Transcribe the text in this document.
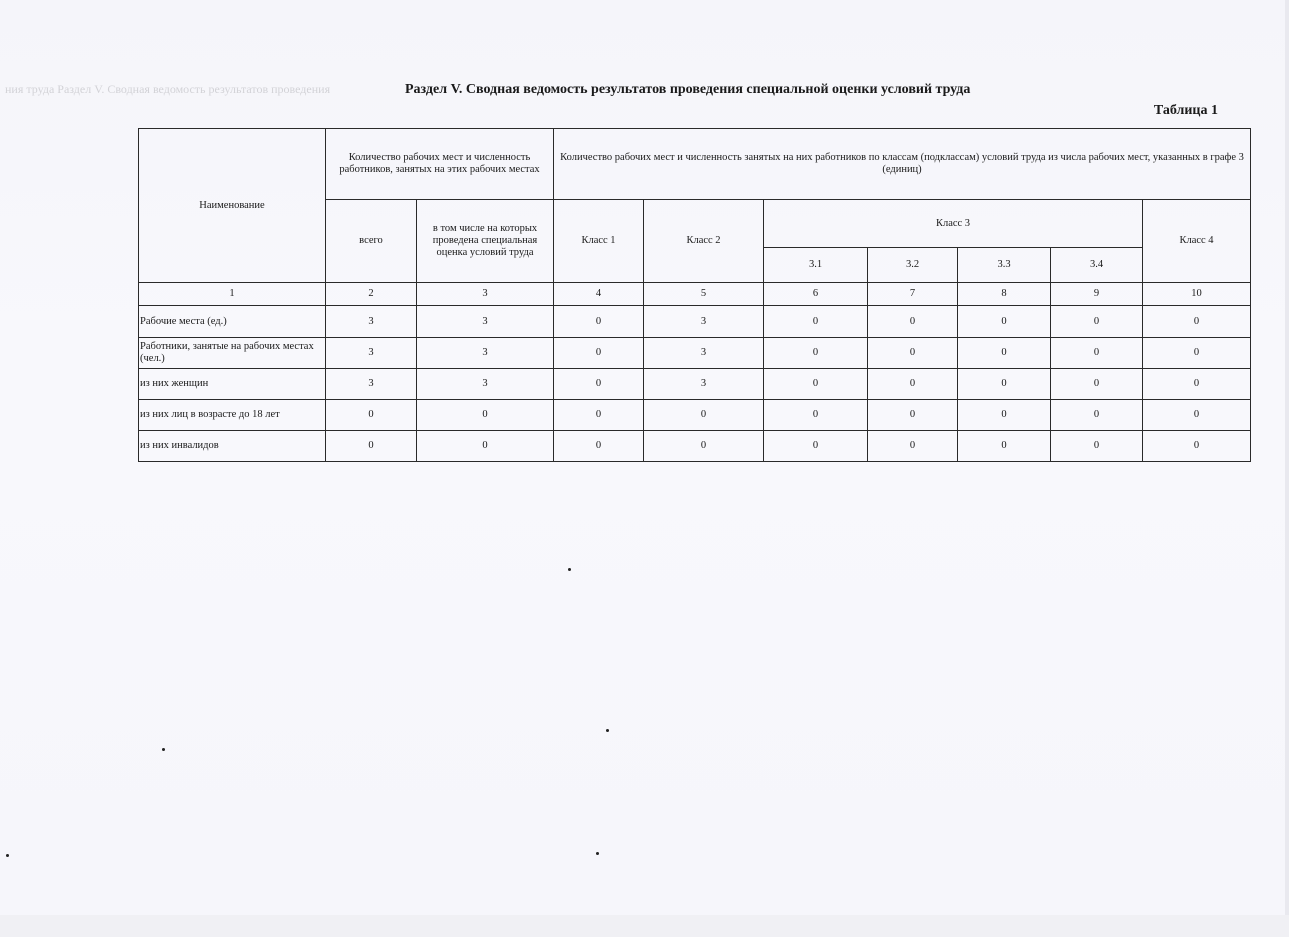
ния труда Раздел V. Сводная ведомость результатов проведения	Раздел V. Сводная ведомость результатов проведения специальной оценки условий труда
Таблица 1
Наименование	Количество рабочих мест и численность работников, занятых на этих рабочих местах		Количество рабочих мест и численность занятых на них работников по классам (подклассам) условий труда из числа рабочих мест, указанных в графе 3 (единиц)						
	всего	в том числе на которых проведена специальная оценка условий труда	Класс 1	Класс 2	Класс 3				Класс 4
					3.1	3.2	3.3	3.4	
1	2	3	4	5	6	7	8	9	10
Рабочие места (ед.)	3	3	0	3	0	0	0	0	0
Работники, занятые на рабочих местах (чел.)	3	3	0	3	0	0	0	0	0
из них женщин	3	3	0	3	0	0	0	0	0
из них лиц в возрасте до 18 лет	0	0	0	0	0	0	0	0	0
из них инвалидов	0	0	0	0	0	0	0	0	0
